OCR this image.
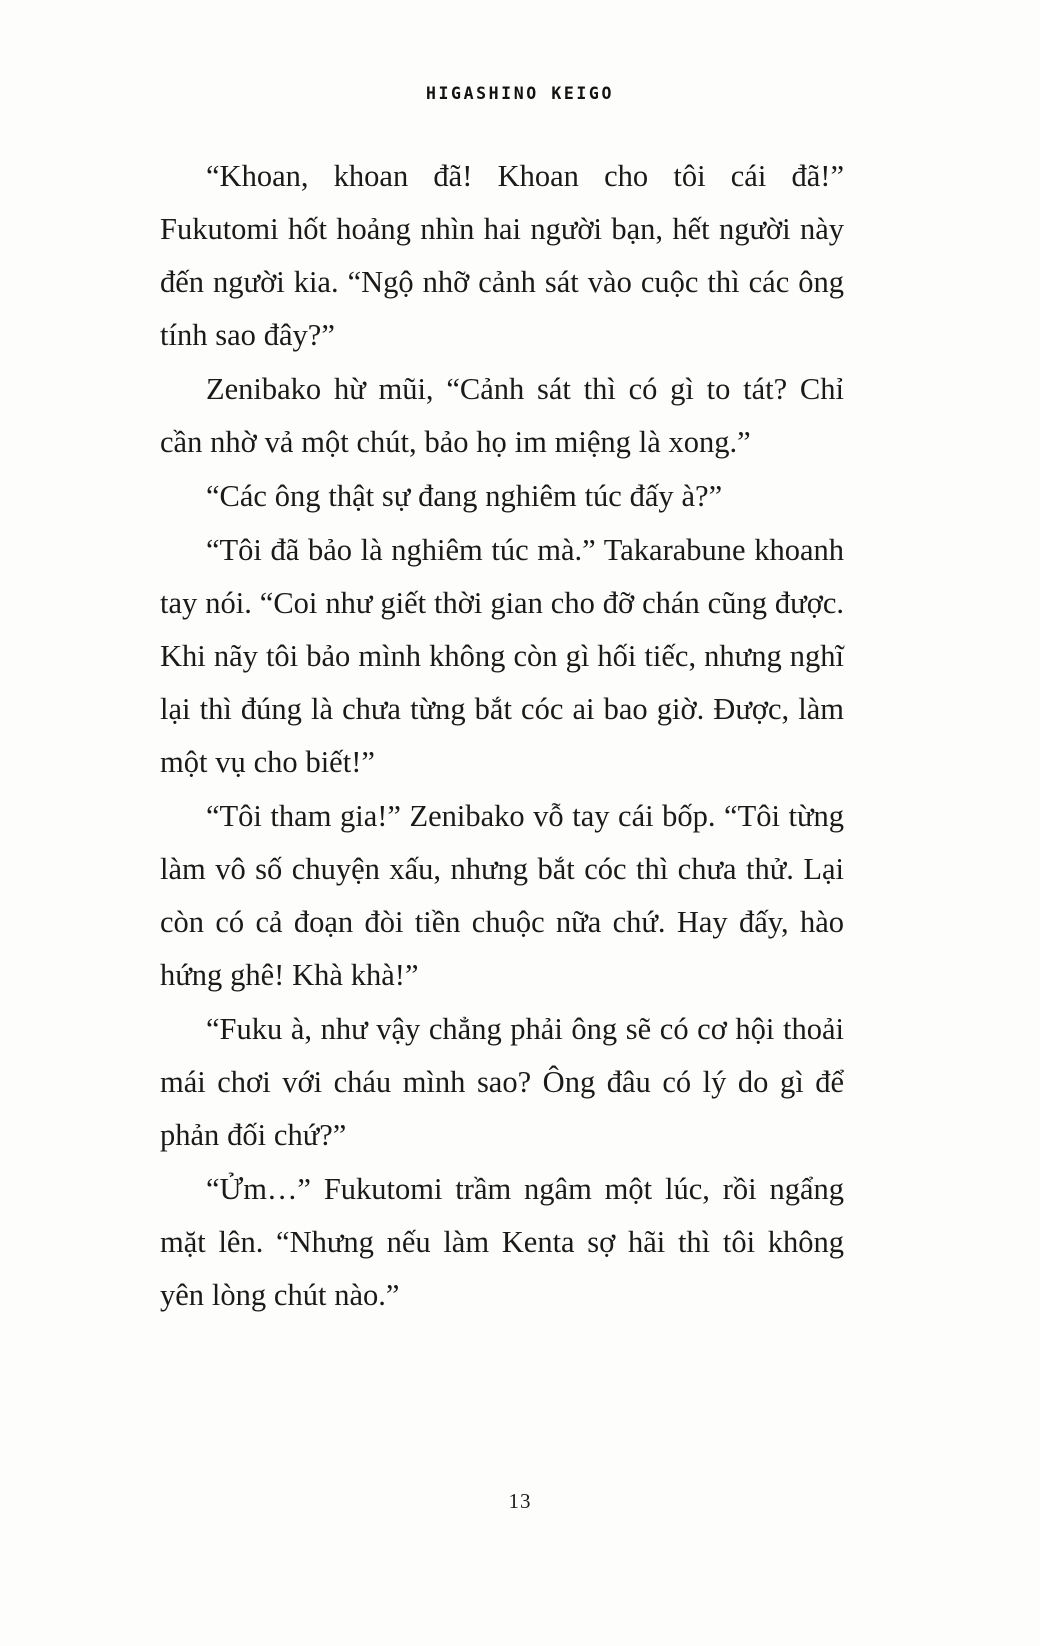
HIGASHINO KEIGO

“Khoan, khoan đã! Khoan cho tôi cái đã!” Fukutomi hốt hoảng nhìn hai người bạn, hết người này đến người kia. “Ngộ nhỡ cảnh sát vào cuộc thì các ông tính sao đây?”

Zenibako hừ mũi, “Cảnh sát thì có gì to tát? Chỉ cần nhờ vả một chút, bảo họ im miệng là xong.”

“Các ông thật sự đang nghiêm túc đấy à?”

“Tôi đã bảo là nghiêm túc mà.” Takarabune khoanh tay nói. “Coi như giết thời gian cho đỡ chán cũng được. Khi nãy tôi bảo mình không còn gì hối tiếc, nhưng nghĩ lại thì đúng là chưa từng bắt cóc ai bao giờ. Được, làm một vụ cho biết!”

“Tôi tham gia!” Zenibako vỗ tay cái bốp. “Tôi từng làm vô số chuyện xấu, nhưng bắt cóc thì chưa thử. Lại còn có cả đoạn đòi tiền chuộc nữa chứ. Hay đấy, hào hứng ghê! Khà khà!”

“Fuku à, như vậy chẳng phải ông sẽ có cơ hội thoải mái chơi với cháu mình sao? Ông đâu có lý do gì để phản đối chứ?”

“Ửm…” Fukutomi trầm ngâm một lúc, rồi ngẩng mặt lên. “Nhưng nếu làm Kenta sợ hãi thì tôi không yên lòng chút nào.”

13
